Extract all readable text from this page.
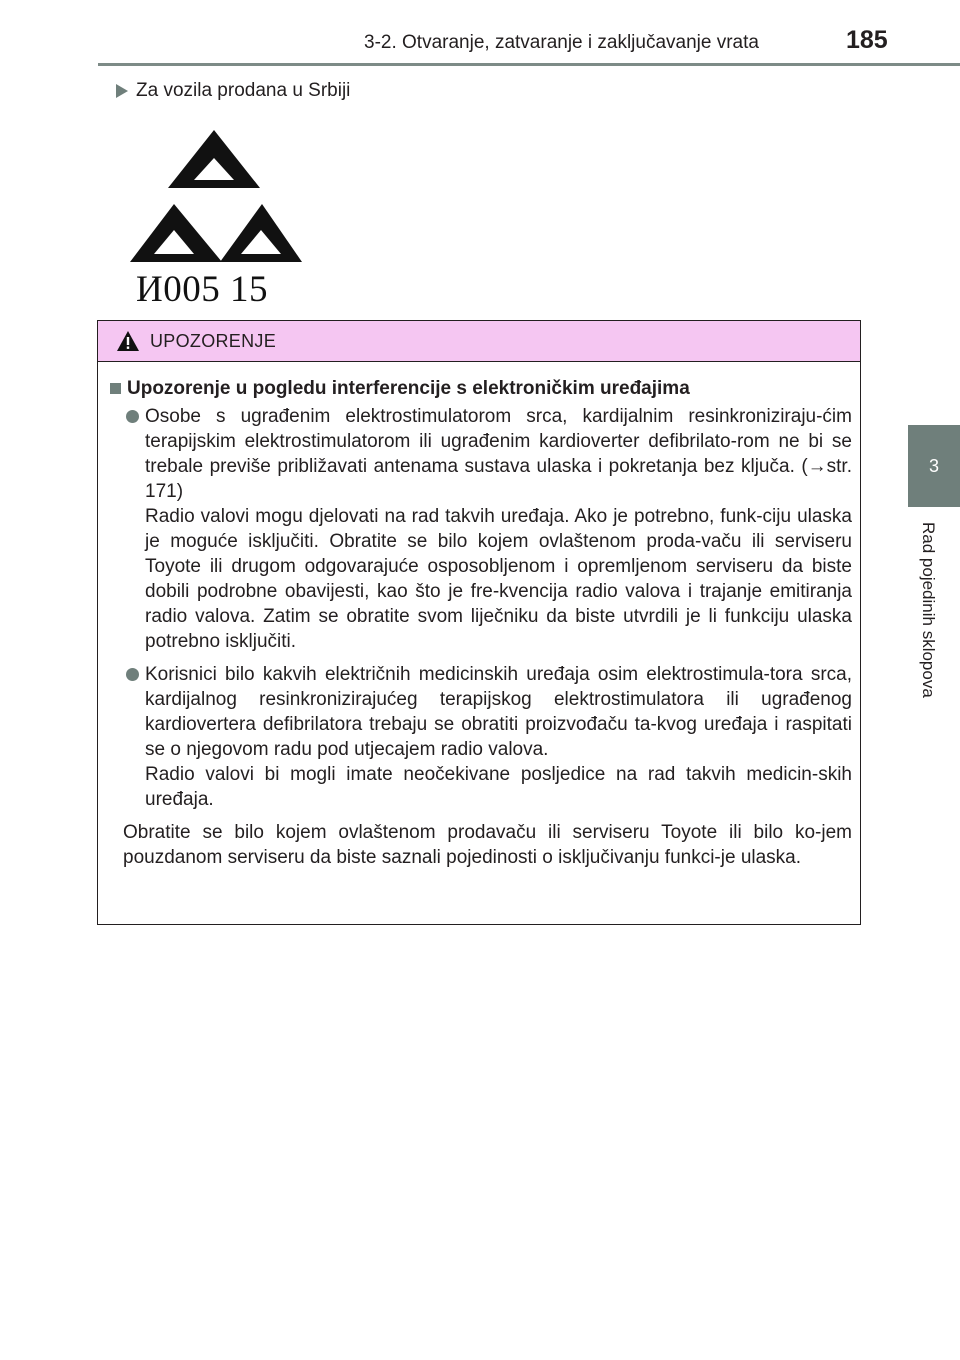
3-2. Otvaranje, zatvaranje i zaključavanje vrata	185
3
Rad pojedinih sklopova
Za vozila prodana u Srbiji
И005 15
UPOZORENJE
Upozorenje u pogledu interferencije s elektroničkim uređajima
Osobe s ugrađenim elektrostimulatorom srca, kardijalnim resinkroniziraju-ćim terapijskim elektrostimulatorom ili ugrađenim kardioverter defibrilato-rom ne bi se trebale previše približavati antenama sustava ulaska i pokretanja bez ključa. (→str. 171)
Radio valovi mogu djelovati na rad takvih uređaja. Ako je potrebno, funk-ciju ulaska je moguće isključiti. Obratite se bilo kojem ovlaštenom proda-vaču ili serviseru Toyote ili drugom odgovarajuće osposobljenom i opremljenom serviseru da biste dobili podrobne obavijesti, kao što je fre-kvencija radio valova i trajanje emitiranja radio valova. Zatim se obratite svom liječniku da biste utvrdili je li funkciju ulaska potrebno isključiti.
Korisnici bilo kakvih električnih medicinskih uređaja osim elektrostimula-tora srca, kardijalnog resinkronizirajućeg terapijskog elektrostimulatora ili ugrađenog kardiovertera defibrilatora trebaju se obratiti proizvođaču ta-kvog uređaja i raspitati se o njegovom radu pod utjecajem radio valova.
Radio valovi bi mogli imate neočekivane posljedice na rad takvih medicin-skih uređaja.
Obratite se bilo kojem ovlaštenom prodavaču ili serviseru Toyote ili bilo ko-jem pouzdanom serviseru da biste saznali pojedinosti o isključivanju funkci-je ulaska.
